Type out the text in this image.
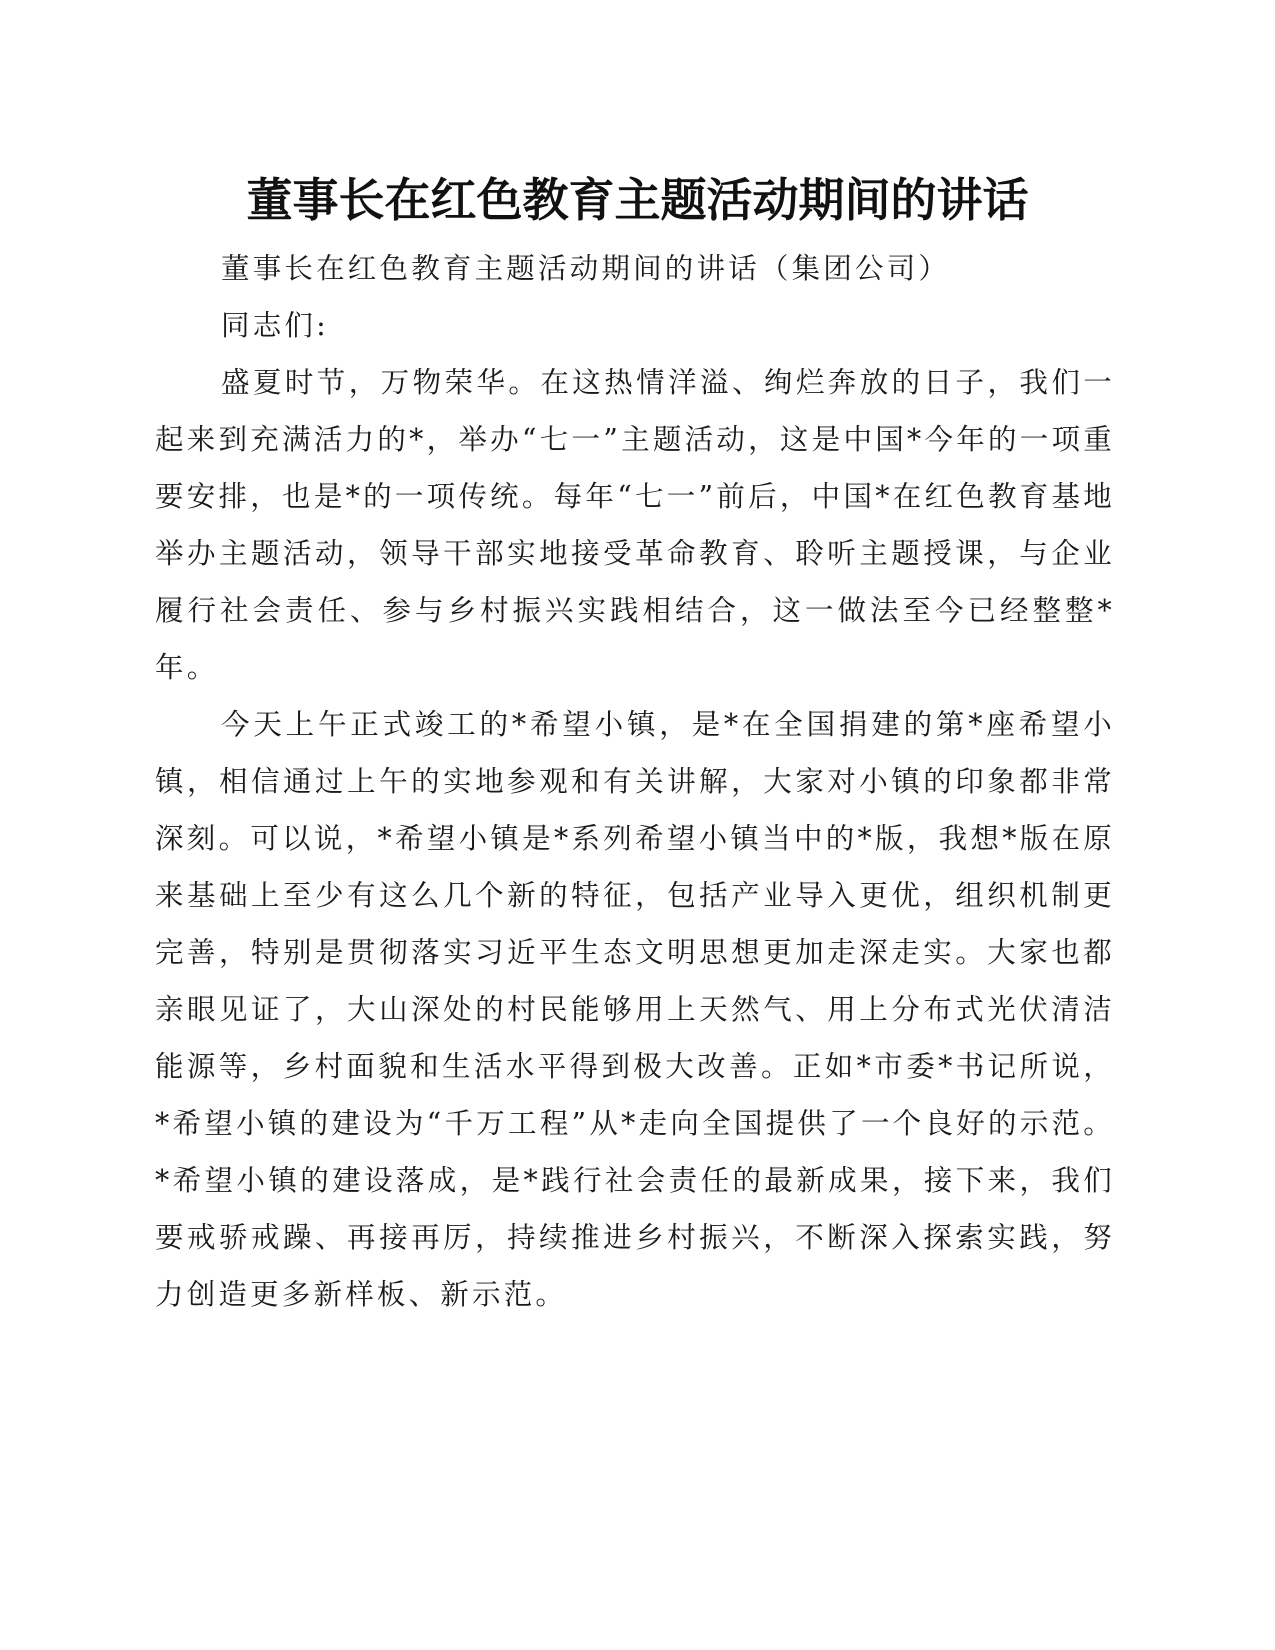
董事长在红色教育主题活动期间的讲话

董事长在红色教育主题活动期间的讲话（集团公司）

同志们:

盛夏时节，万物荣华。在这热情洋溢、绚烂奔放的日子，我们一起来到充满活力的*，举办“七一”主题活动，这是中国*今年的一项重要安排，也是*的一项传统。每年“七一”前后，中国*在红色教育基地举办主题活动，领导干部实地接受革命教育、聆听主题授课，与企业履行社会责任、参与乡村振兴实践相结合，这一做法至今已经整整*年。

今天上午正式竣工的*希望小镇，是*在全国捐建的第*座希望小镇，相信通过上午的实地参观和有关讲解，大家对小镇的印象都非常深刻。可以说，*希望小镇是*系列希望小镇当中的*版，我想*版在原来基础上至少有这么几个新的特征，包括产业导入更优，组织机制更完善，特别是贯彻落实习近平生态文明思想更加走深走实。大家也都亲眼见证了，大山深处的村民能够用上天然气、用上分布式光伏清洁能源等，乡村面貌和生活水平得到极大改善。正如*市委*书记所说，*希望小镇的建设为“千万工程”从*走向全国提供了一个良好的示范。*希望小镇的建设落成，是*践行社会责任的最新成果，接下来，我们要戒骄戒躁、再接再厉，持续推进乡村振兴，不断深入探索实践，努力创造更多新样板、新示范。
